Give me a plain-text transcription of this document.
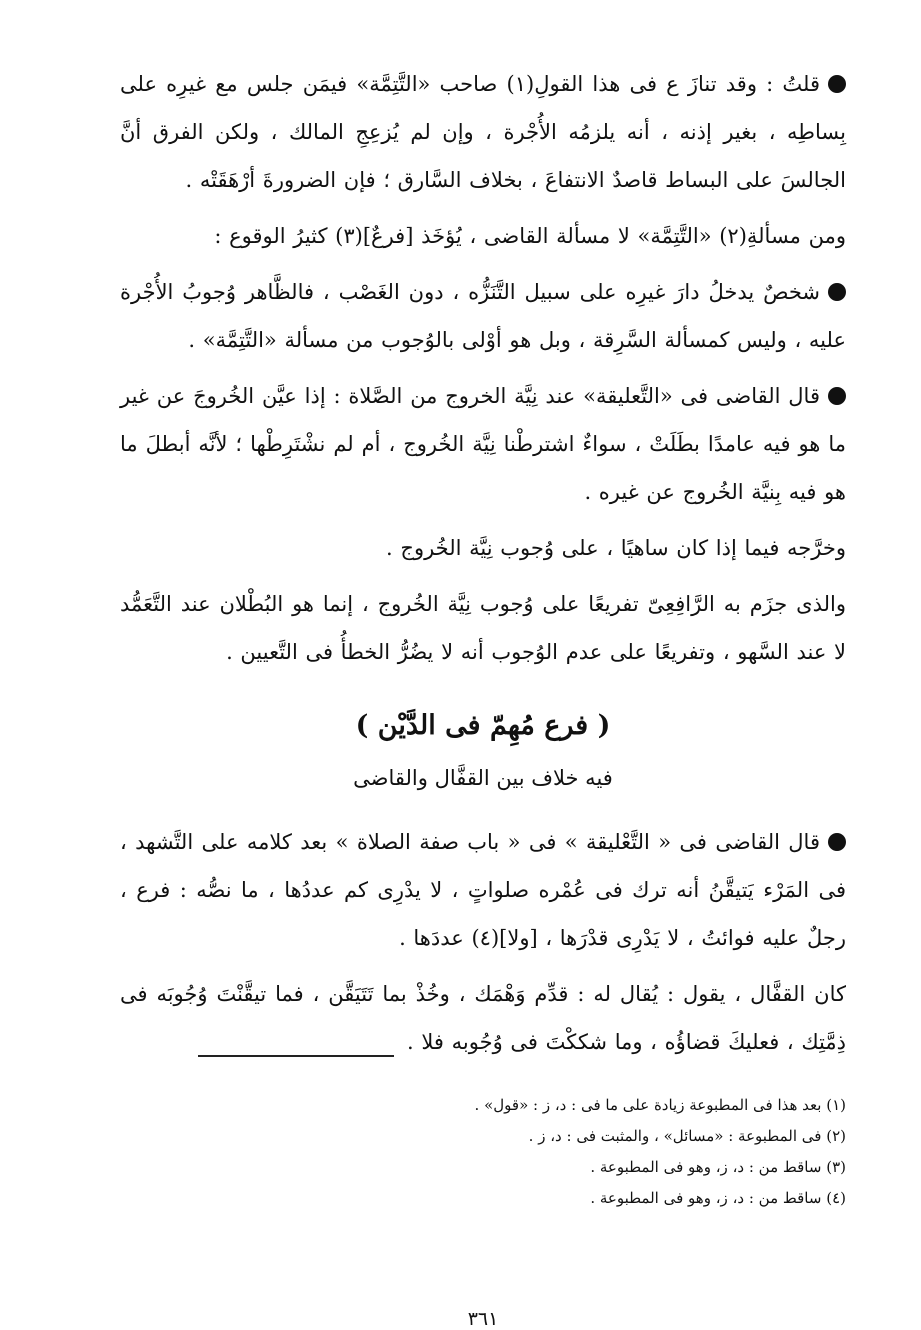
قلتُ : وقد تنازَ ع فى هذا القولِ(١) صاحب «التَّتِمَّة» فيمَن جلس مع غيرِه على بِساطِه ، بغير إذنه ، أنه يلزمُه الأُجْرة ، وإن لم يُزعِجِ المالك ، ولكن الفرق أنَّ الجالسَ على البساط قاصدٌ الانتفاعَ ، بخلاف السَّارق ؛ فإن الضرورةَ أرْهَقَتْه .

ومن مسألةِ(٢) «التَّتِمَّة» لا مسألة القاضى ، يُؤخَذ [فرعٌ](٣) كثيرُ الوقوع :

شخصٌ يدخلُ دارَ غيرِه على سبيل التَّنَزُّه ، دون الغَصْب ، فالظَّاهر وُجوبُ الأُجْرة عليه ، وليس كمسألة السَّرِقة ، وبل هو أوْلى بالوُجوب من مسألة «التَّتِمَّة» .

قال القاضى فى «التَّعليقة» عند نِيَّة الخروج من الصَّلاة : إذا عيَّن الخُروجَ عن غير ما هو فيه عامدًا بطَلَتْ ، سواءٌ اشترطْنا نِيَّة الخُروج ، أم لم نشْتَرِطْها ؛ لأنَّه أبطلَ ما هو فيه بِنيَّة الخُروج عن غيره .

وخرَّجه فيما إذا كان ساهيًا ، على وُجوب نِيَّة الخُروج .

والذى جزَم به الرَّافِعِىّ تفريعًا على وُجوب نِيَّة الخُروج ، إنما هو البُطْلان عند التَّعَمُّد لا عند السَّهو ، وتفريعًا على عدم الوُجوب أنه لا يضُرُّ الخطأُ فى التَّعيين .

( فرع مُهِمّ فى الدَّيْن )
فيه خلاف بين القفَّال والقاضى

قال القاضى فى « التَّعْليقة » فى « باب صفة الصلاة » بعد كلامه على التَّشهد ، فى المَرْء يَتيقَّنُ أنه ترك فى عُمْره صلواتٍ ، لا يدْرِى كم عددُها ، ما نصُّه : فرع ، رجلٌ عليه فوائتُ ، لا يَدْرِى قدْرَها ، [ولا](٤) عددَها .

كان القفَّال ، يقول : يُقال له : قدِّم وَهْمَك ، وخُذْ بما تَتَيَقَّن ، فما تيقَّنْتَ وُجُوبَه فى ذِمَّتِك ، فعليكَ قضاؤُه ، وما شككْتَ فى وُجُوبه فلا .

(١) بعد هذا فى المطبوعة زيادة على ما فى : د، ز : «قول» .

(٢) فى المطبوعة : «مسائل» ، والمثبت فى : د، ز .

(٣) ساقط من : د، ز، وهو فى المطبوعة .

(٤) ساقط من : د، ز، وهو فى المطبوعة .

٣٦١
